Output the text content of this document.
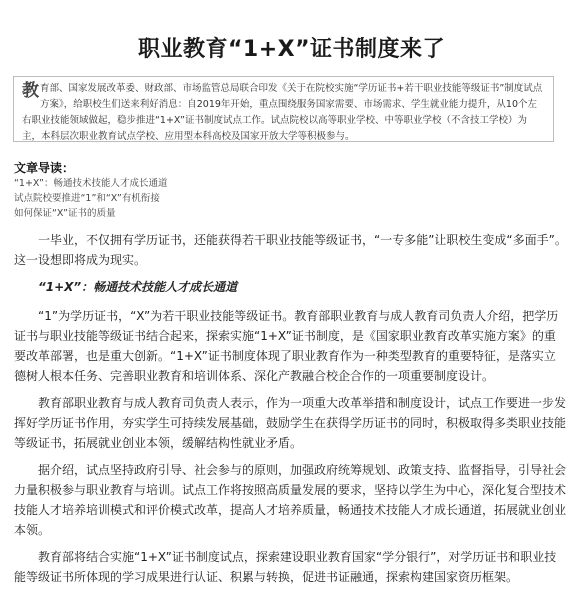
职业教育“1+X”证书制度来了
教育部、国家发展改革委、财政部、市场监管总局联合印发《关于在院校实施“学历证书+若干职业技能等级证书”制度试点方案》，给职校生们送来利好消息：自2019年开始，重点围绕服务国家需要、市场需求、学生就业能力提升，从10个左右职业技能领域做起，稳步推进“1+X”证书制度试点工作。试点院校以高等职业学校、中等职业学校（不含技工学校）为主，本科层次职业教育试点学校、应用型本科高校及国家开放大学等积极参与。
文章导读：
“1+X”：畅通技术技能人才成长通道
试点院校要推进“1”和“X”有机衔接
如何保证“X”证书的质量

一毕业，不仅拥有学历证书，还能获得若干职业技能等级证书，“一专多能”让职校生变成“多面手”。这一设想即将成为现实。

“1+X”：畅通技术技能人才成长通道

“1”为学历证书，“X”为若干职业技能等级证书。教育部职业教育与成人教育司负责人介绍，把学历证书与职业技能等级证书结合起来，探索实施“1+X”证书制度，是《国家职业教育改革实施方案》的重要改革部署，也是重大创新。“1+X”证书制度体现了职业教育作为一种类型教育的重要特征，是落实立德树人根本任务、完善职业教育和培训体系、深化产教融合校企合作的一项重要制度设计。

教育部职业教育与成人教育司负责人表示，作为一项重大改革举措和制度设计，试点工作要进一步发挥好学历证书作用，夯实学生可持续发展基础，鼓励学生在获得学历证书的同时，积极取得多类职业技能等级证书，拓展就业创业本领，缓解结构性就业矛盾。

据介绍，试点坚持政府引导、社会参与的原则，加强政府统筹规划、政策支持、监督指导，引导社会力量积极参与职业教育与培训。试点工作将按照高质量发展的要求，坚持以学生为中心，深化复合型技术技能人才培养培训模式和评价模式改革，提高人才培养质量，畅通技术技能人才成长通道，拓展就业创业本领。

教育部将结合实施“1+X”证书制度试点，探索建设职业教育国家“学分银行”，对学历证书和职业技能等级证书所体现的学习成果进行认证、积累与转换，促进书证融通，探索构建国家资历框架。
